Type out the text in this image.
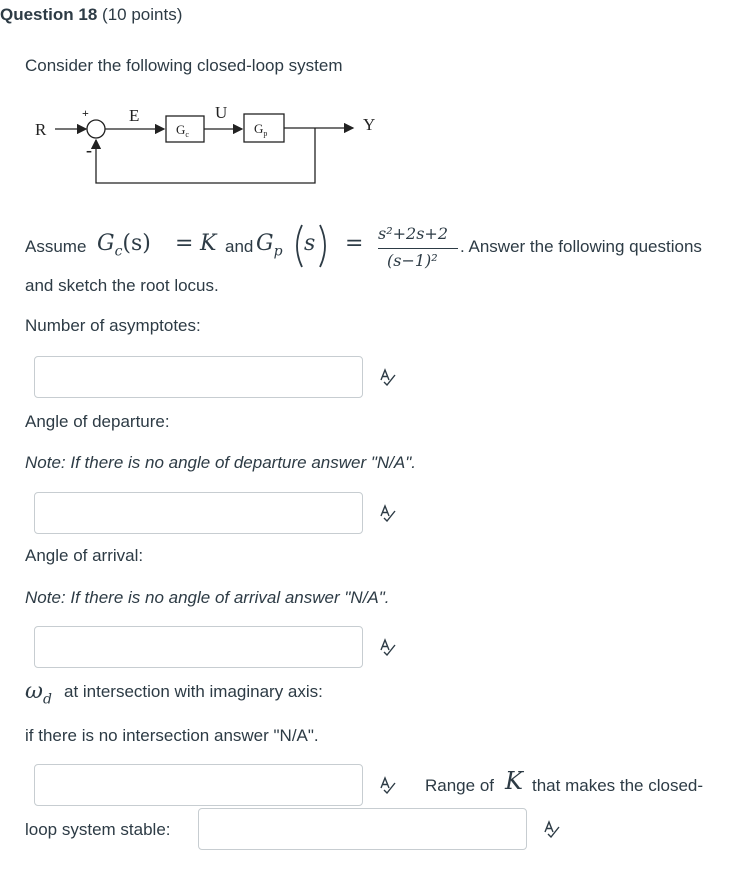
Question 18 (10 points)
Consider the following closed-loop system
R
+
-
E
$G_c$
U
$G_p$	Y
Assume $G_c(s) = K$ and $G_p$ s = s²+2s+2
(s−1)²
. Answer the following questions
and sketch the root locus.
Number of asymptotes:
Angle of departure:
Note: If there is no angle of departure answer "N/A".
Angle of arrival:
Note: If there is no angle of arrival answer "N/A".
$\omega_d$ at intersection with imaginary axis:
if there is no intersection answer "N/A".
Range of K that makes the closed-
loop system stable:
